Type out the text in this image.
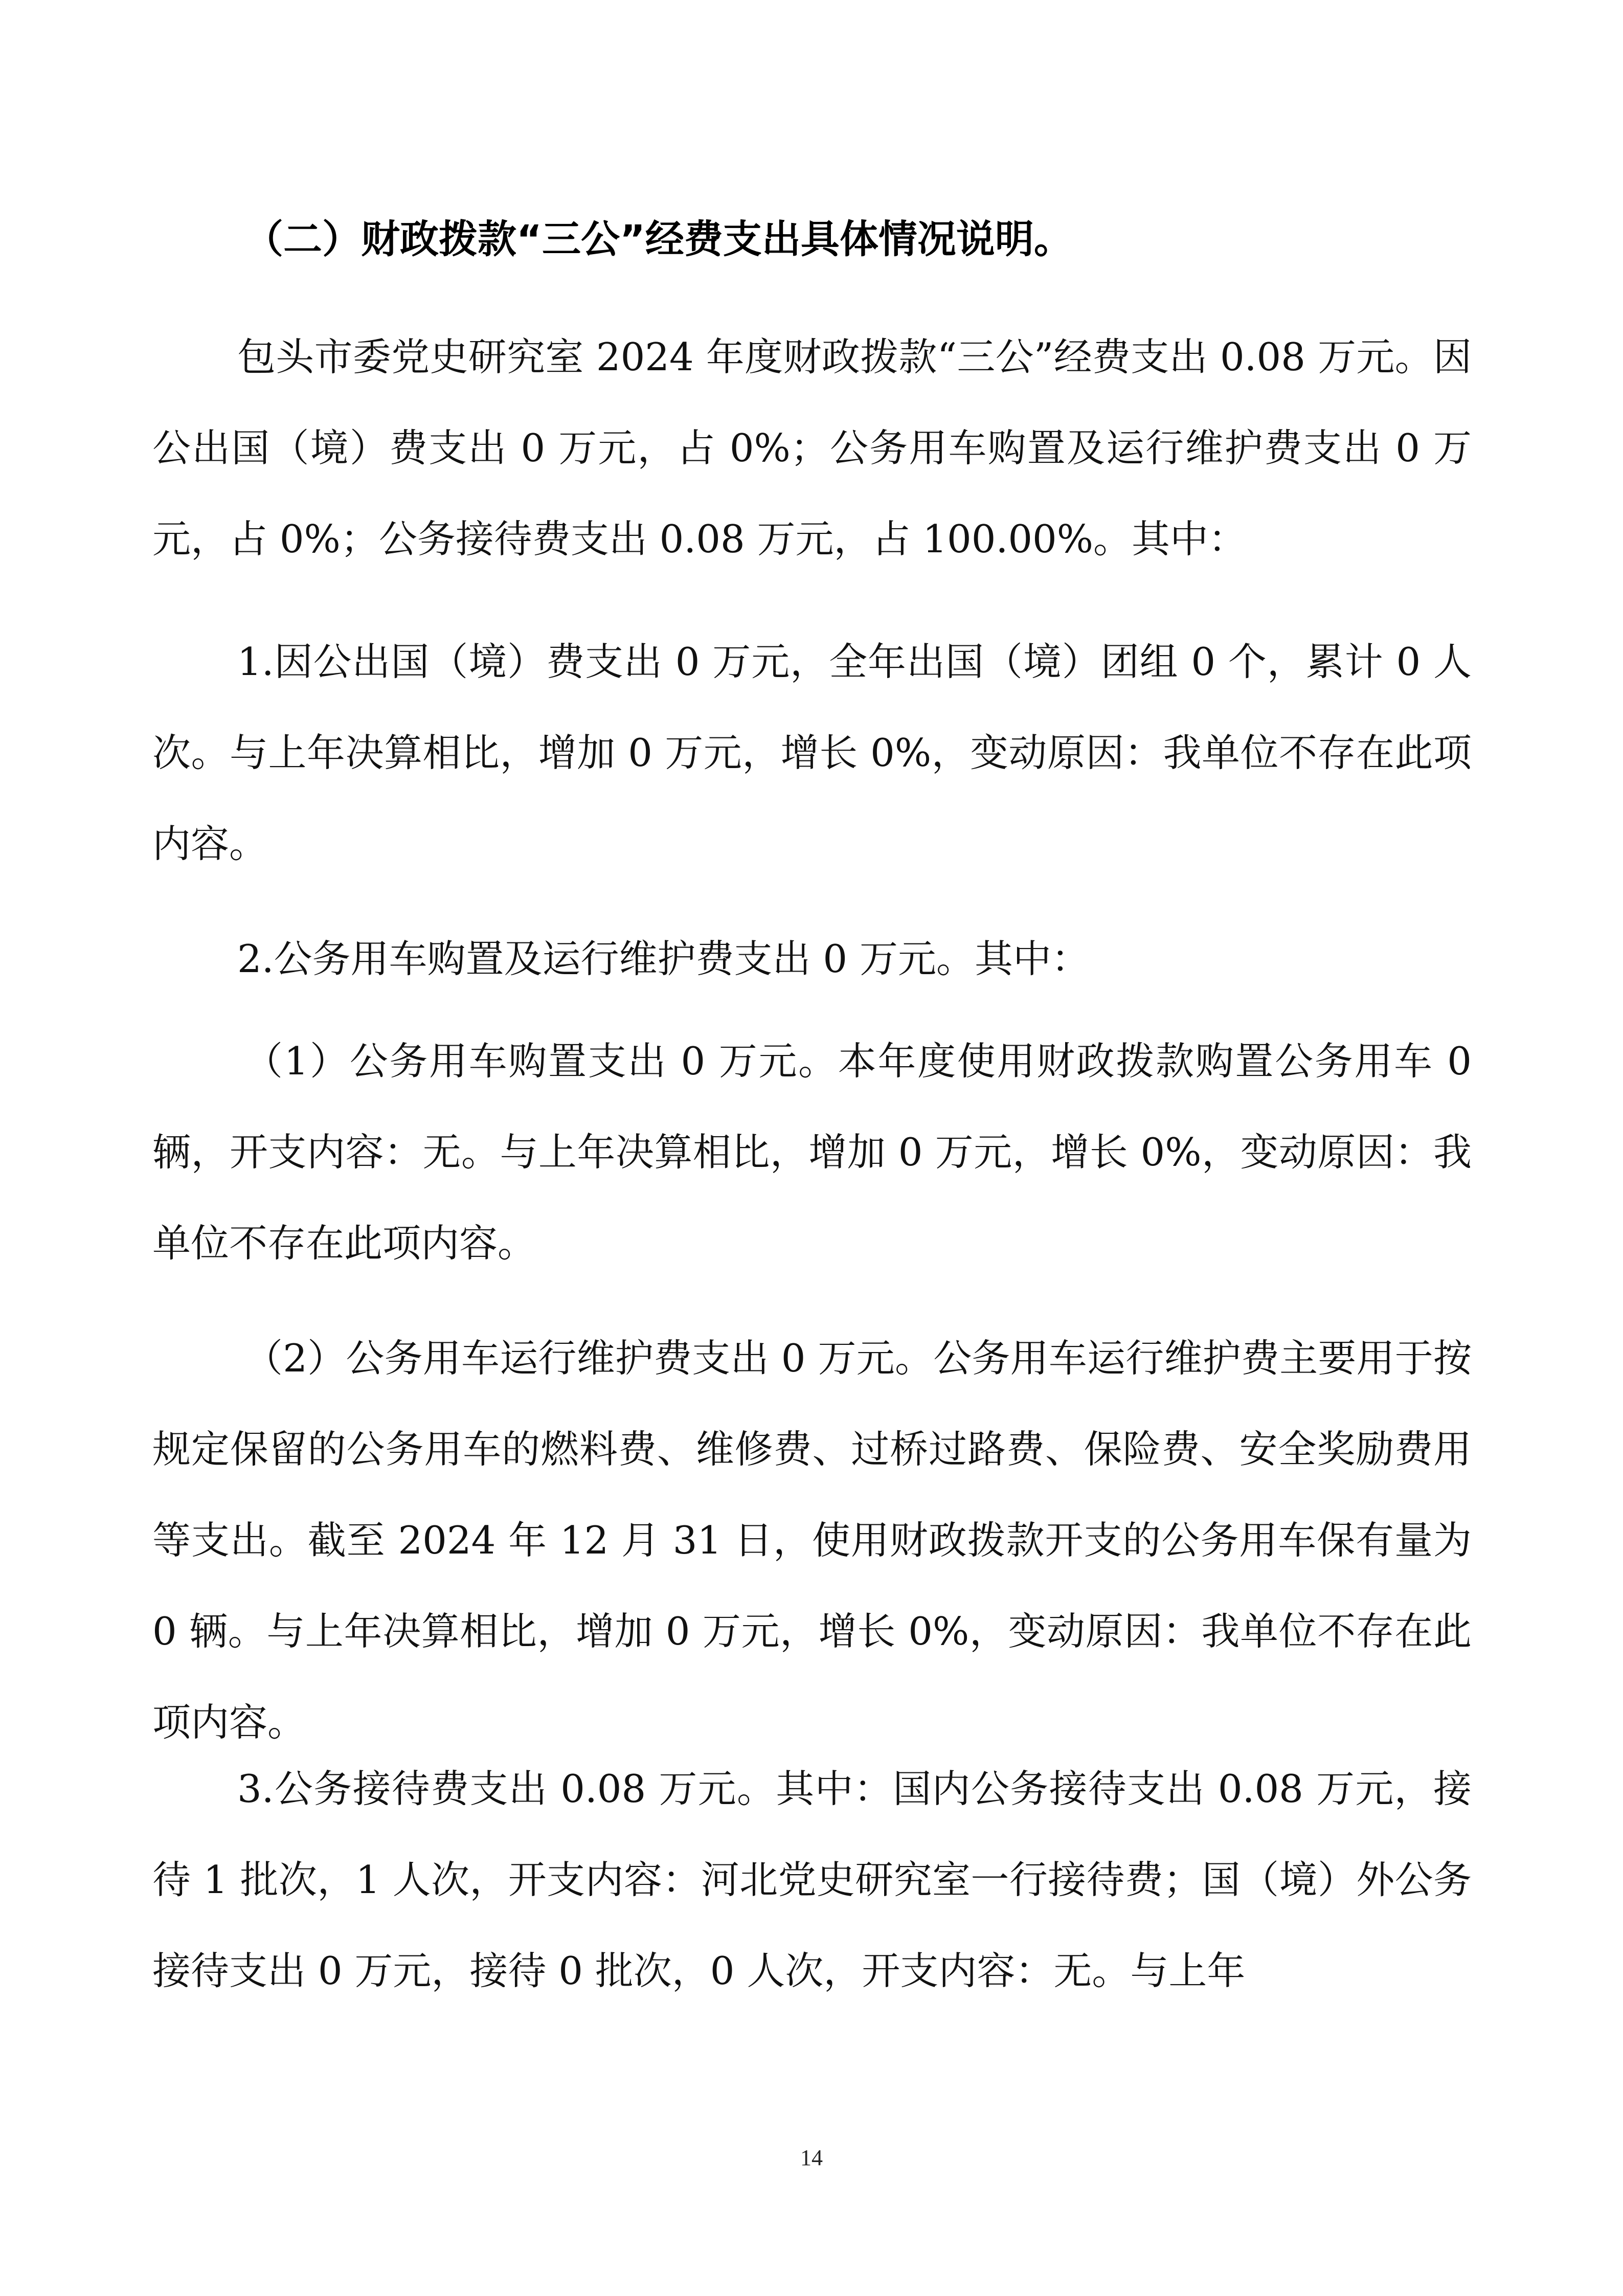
（二）财政拨款“三公”经费支出具体情况说明。

包头市委党史研究室 2024 年度财政拨款“三公”经费支出 0.08 万元。因公出国（境）费支出 0 万元，占 0%；公务用车购置及运行维护费支出 0 万元，占 0%；公务接待费支出 0.08 万元，占 100.00%。其中：

1.因公出国（境）费支出 0 万元，全年出国（境）团组 0 个，累计 0 人次。与上年决算相比，增加 0 万元，增长 0%，变动原因：我单位不存在此项内容。

2.公务用车购置及运行维护费支出 0 万元。其中：

（1）公务用车购置支出 0 万元。本年度使用财政拨款购置公务用车 0 辆，开支内容：无。与上年决算相比，增加 0 万元，增长 0%，变动原因：我单位不存在此项内容。

（2）公务用车运行维护费支出 0 万元。公务用车运行维护费主要用于按规定保留的公务用车的燃料费、维修费、过桥过路费、保险费、安全奖励费用等支出。截至 2024 年 12 月 31 日，使用财政拨款开支的公务用车保有量为 0 辆。与上年决算相比，增加 0 万元，增长 0%，变动原因：我单位不存在此项内容。

3.公务接待费支出 0.08 万元。其中：国内公务接待支出 0.08 万元，接待 1 批次，1 人次，开支内容：河北党史研究室一行接待费；国（境）外公务接待支出 0 万元，接待 0 批次，0 人次，开支内容：无。与上年

14
